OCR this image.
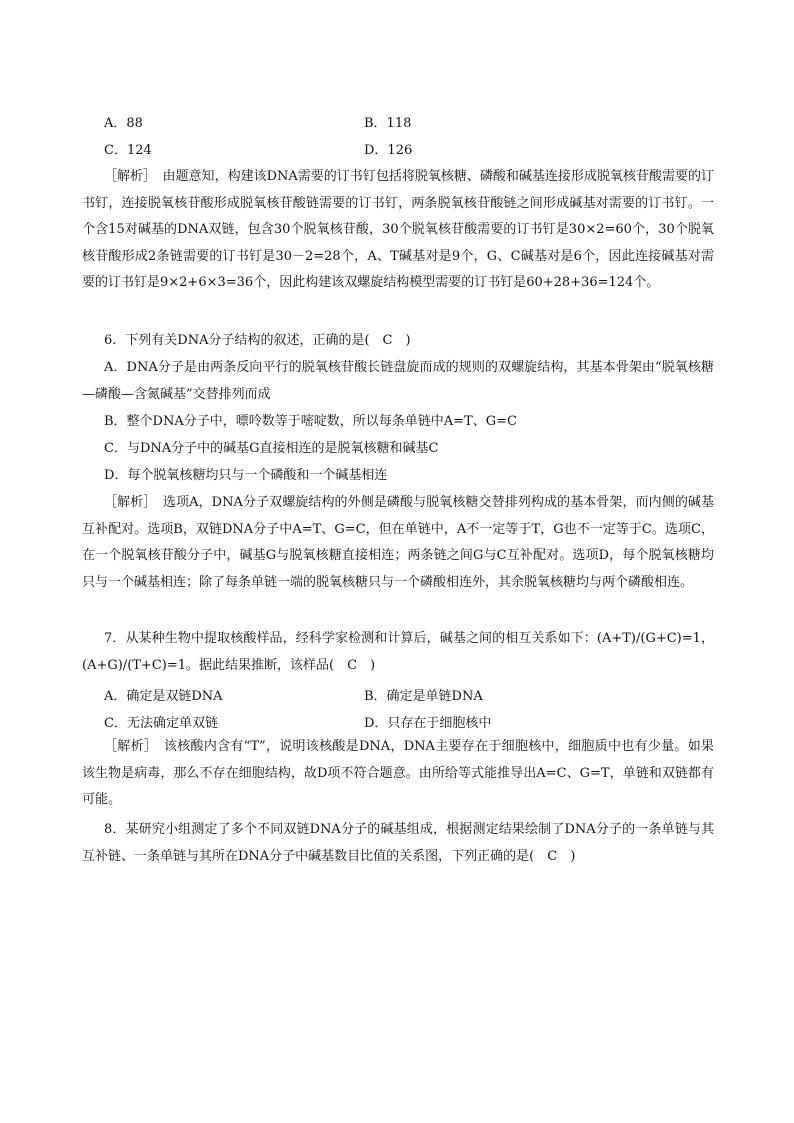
A．88	B．118
C．124	D．126
［解析］　由题意知，构建该DNA需要的订书钉包括将脱氧核糖、磷酸和碱基连接形成脱氧核苷酸需要的订书钉，连接脱氧核苷酸形成脱氧核苷酸链需要的订书钉，两条脱氧核苷酸链之间形成碱基对需要的订书钉。一个含15对碱基的DNA双链，包含30个脱氧核苷酸，30个脱氧核苷酸需要的订书钉是30×2=60个，30个脱氧核苷酸形成2条链需要的订书钉是30－2=28个，A、T碱基对是9个，G、C碱基对是6个，因此连接碱基对需要的订书钉是9×2+6×3=36个，因此构建该双螺旋结构模型需要的订书钉是60+28+36=124个。
6．下列有关DNA分子结构的叙述，正确的是(　C　)
A．DNA分子是由两条反向平行的脱氧核苷酸长链盘旋而成的规则的双螺旋结构，其基本骨架由“脱氧核糖—磷酸—含氮碱基”交替排列而成
B．整个DNA分子中，嘌呤数等于嘧啶数，所以每条单链中A=T、G=C
C．与DNA分子中的碱基G直接相连的是脱氧核糖和碱基C
D．每个脱氧核糖均只与一个磷酸和一个碱基相连
［解析］　选项A，DNA分子双螺旋结构的外侧是磷酸与脱氧核糖交替排列构成的基本骨架，而内侧的碱基互补配对。选项B，双链DNA分子中A=T、G=C，但在单链中，A不一定等于T，G也不一定等于C。选项C，在一个脱氧核苷酸分子中，碱基G与脱氧核糖直接相连；两条链之间G与C互补配对。选项D，每个脱氧核糖均只与一个碱基相连；除了每条单链一端的脱氧核糖只与一个磷酸相连外，其余脱氧核糖均与两个磷酸相连。
7．从某种生物中提取核酸样品，经科学家检测和计算后，碱基之间的相互关系如下：(A+T)/(G+C)=1，(A+G)/(T+C)=1。据此结果推断，该样品(　C　)
A．确定是双链DNA	B．确定是单链DNA
C．无法确定单双链	D．只存在于细胞核中
［解析］　该核酸内含有“T”，说明该核酸是DNA，DNA主要存在于细胞核中，细胞质中也有少量。如果该生物是病毒，那么不存在细胞结构，故D项不符合题意。由所给等式能推导出A=C、G=T，单链和双链都有可能。
8．某研究小组测定了多个不同双链DNA分子的碱基组成，根据测定结果绘制了DNA分子的一条单链与其互补链、一条单链与其所在DNA分子中碱基数目比值的关系图，下列正确的是(　C　)
